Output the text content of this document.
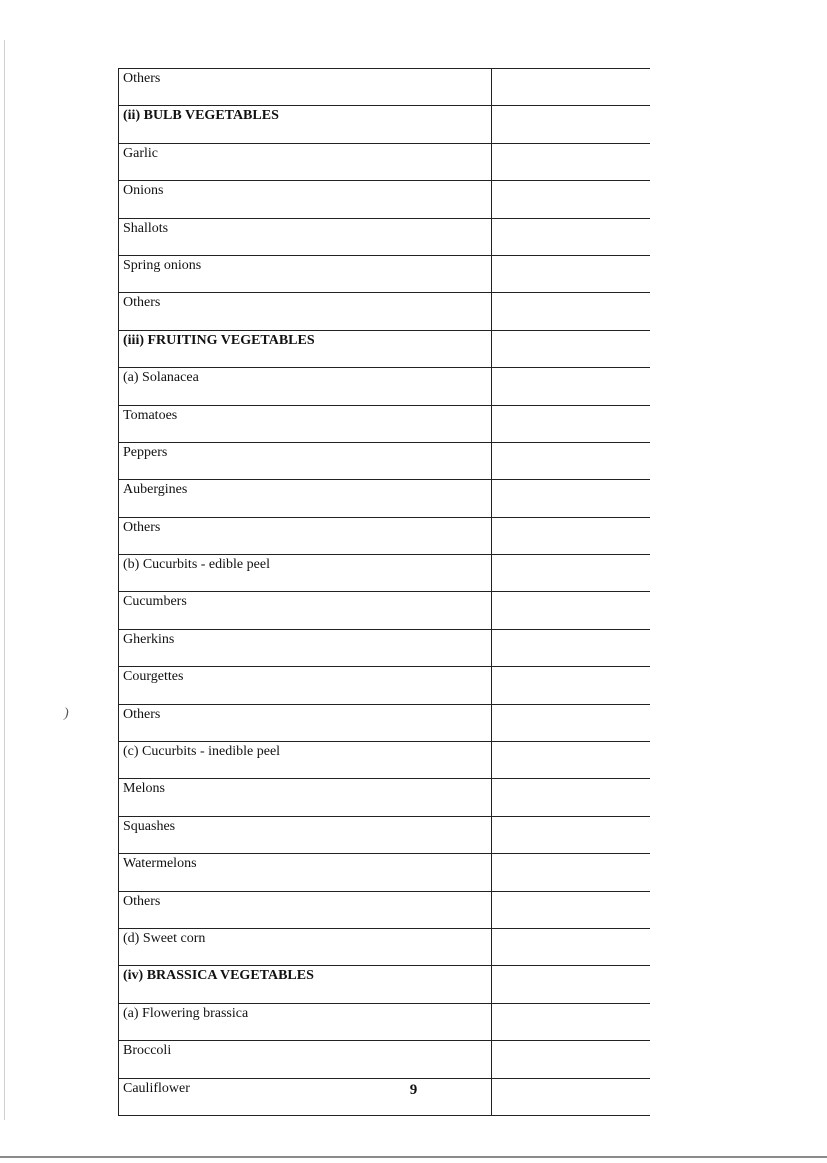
)
Others	
(ii) BULB VEGETABLES	
Garlic	
Onions	
Shallots	
Spring onions	
Others	
(iii) FRUITING VEGETABLES	
(a) Solanacea	
Tomatoes	
Peppers	
Aubergines	
Others	
(b) Cucurbits - edible peel	
Cucumbers	
Gherkins	
Courgettes	
Others	
(c) Cucurbits - inedible peel	
Melons	
Squashes	
Watermelons	
Others	
(d) Sweet corn	
(iv) BRASSICA VEGETABLES	
(a) Flowering brassica	
Broccoli	
Cauliflower		9
